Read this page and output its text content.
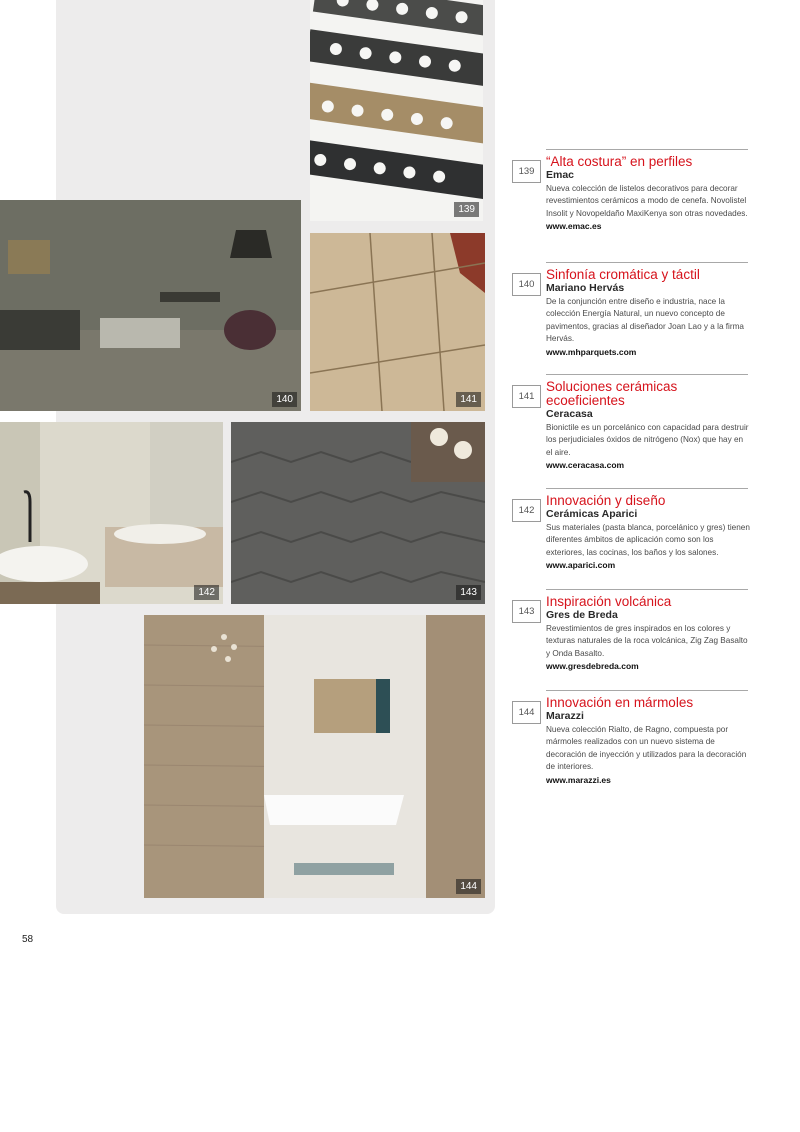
139
140	141
142	143
144
58
139
“Alta costura” en perfiles
Emac
Nueva colección de listelos decorativos para decorar revestimientos cerámicos a modo de cenefa. Novolistel Insolit y Novopeldaño MaxiKenya son otras novedades.
www.emac.es
140
Sinfonía cromática y táctil
Mariano Hervás
De la conjunción entre diseño e industria, nace la colección Energía Natural, un nuevo concepto de pavimentos, gracias al diseñador Joan Lao y a la firma Hervás.
www.mhparquets.com
141
Soluciones cerámicas ecoeficientes
Ceracasa
Bionictile es un porcelánico con capacidad para destruir los perjudiciales óxidos de nitrógeno (Nox) que hay en el aire.
www.ceracasa.com
142
Innovación y diseño
Cerámicas Aparici
Sus materiales (pasta blanca, porcelánico y gres) tienen diferentes ámbitos de aplicación como son los exteriores, las cocinas, los baños y los salones.
www.aparici.com
143
Inspiración volcánica
Gres de Breda
Revestimientos de gres inspirados en los colores y texturas naturales de la roca volcánica, Zig Zag Basalto y Onda Basalto.
www.gresdebreda.com
144
Innovación en mármoles
Marazzi
Nueva colección Rialto, de Ragno, compuesta por mármoles realizados con un nuevo sistema de decoración de inyección y utilizados para la decoración de interiores.
www.marazzi.es
